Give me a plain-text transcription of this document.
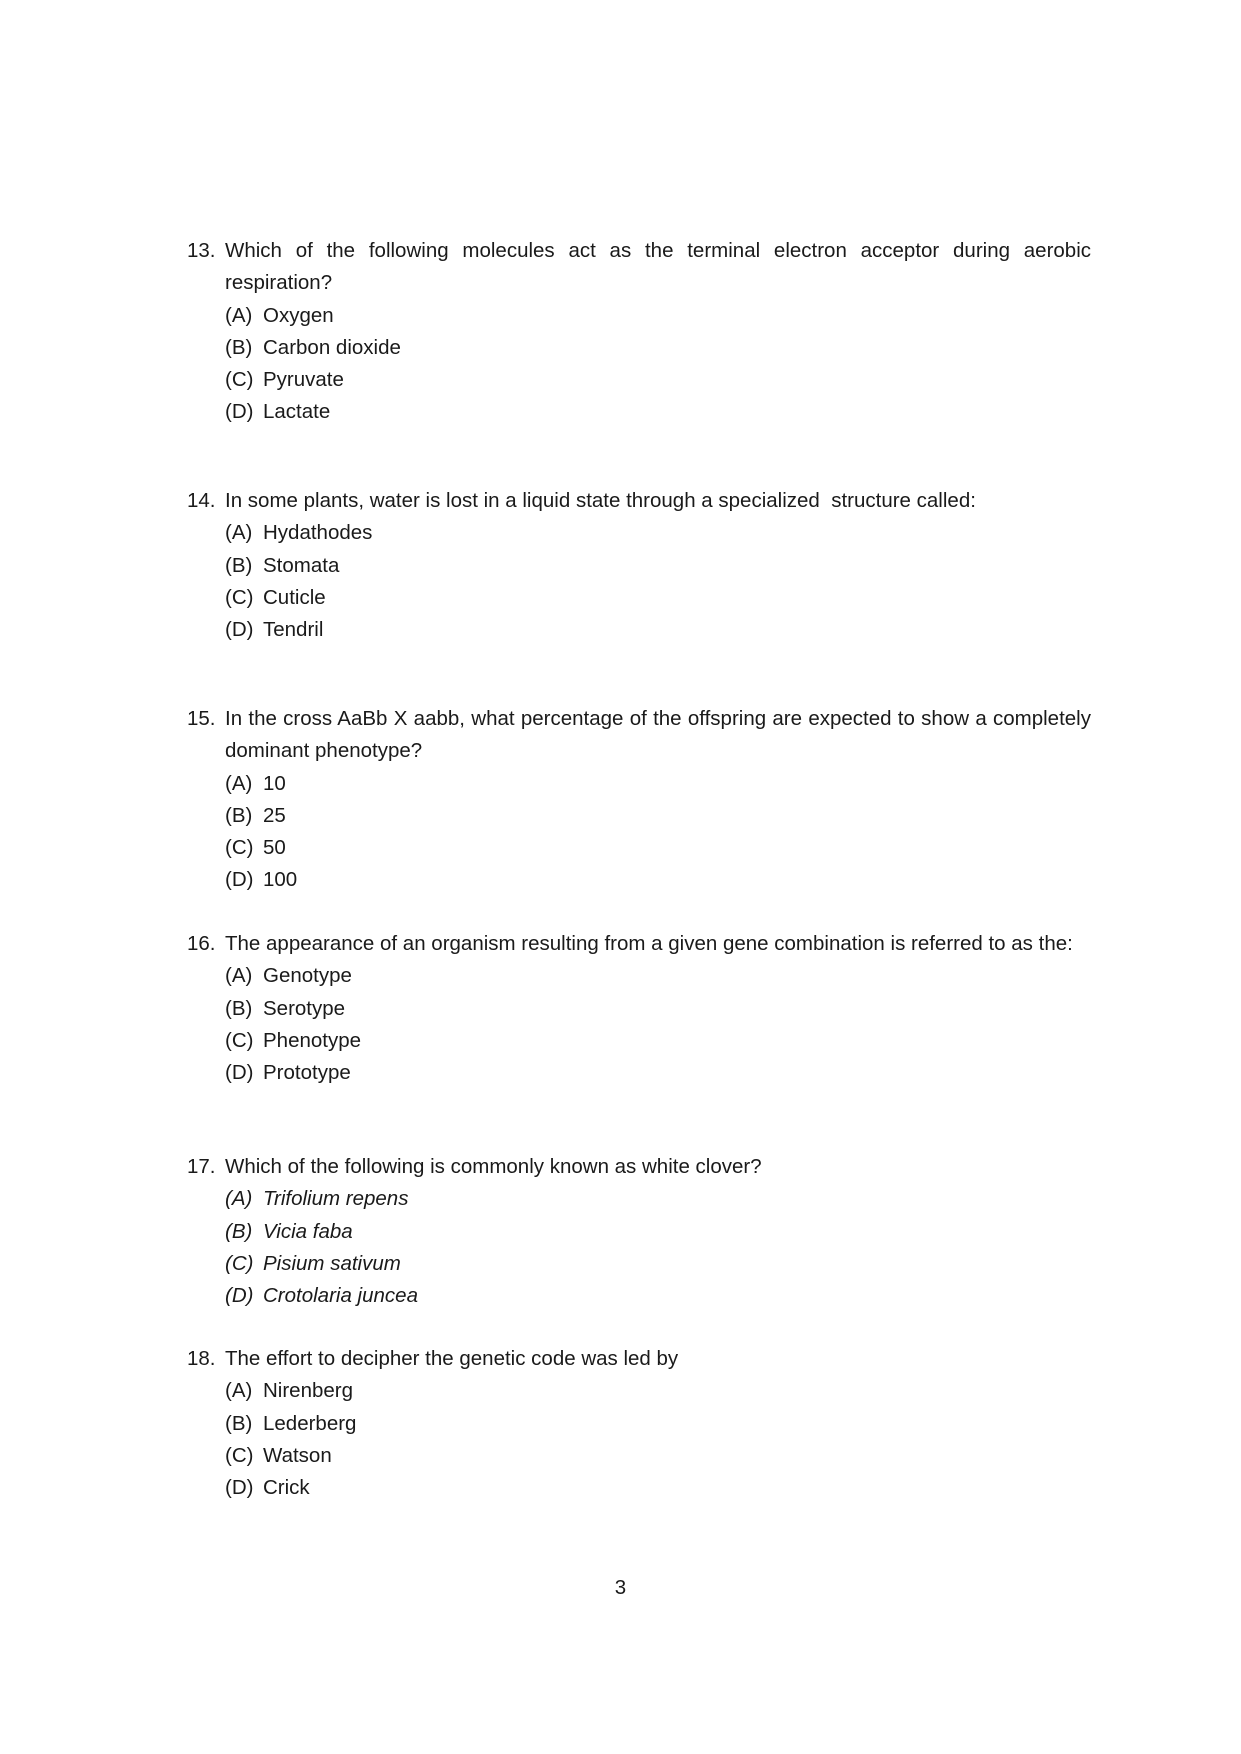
13. Which of the following molecules act as the terminal electron acceptor during aerobic respiration?
(A) Oxygen
(B) Carbon dioxide
(C) Pyruvate
(D) Lactate
14. In some plants, water is lost in a liquid state through a specialized  structure called:
(A) Hydathodes
(B) Stomata
(C) Cuticle
(D) Tendril
15. In the cross AaBb X aabb, what percentage of the offspring are expected to show a completely dominant phenotype?
(A) 10
(B) 25
(C) 50
(D) 100
16. The appearance of an organism resulting from a given gene combination is referred to as the:
(A) Genotype
(B) Serotype
(C) Phenotype
(D) Prototype
17. Which of the following is commonly known as white clover?
(A) Trifolium repens
(B) Vicia faba
(C) Pisium sativum
(D) Crotolaria juncea
18. The effort to decipher the genetic code was led by
(A) Nirenberg
(B) Lederberg
(C) Watson
(D) Crick
3
